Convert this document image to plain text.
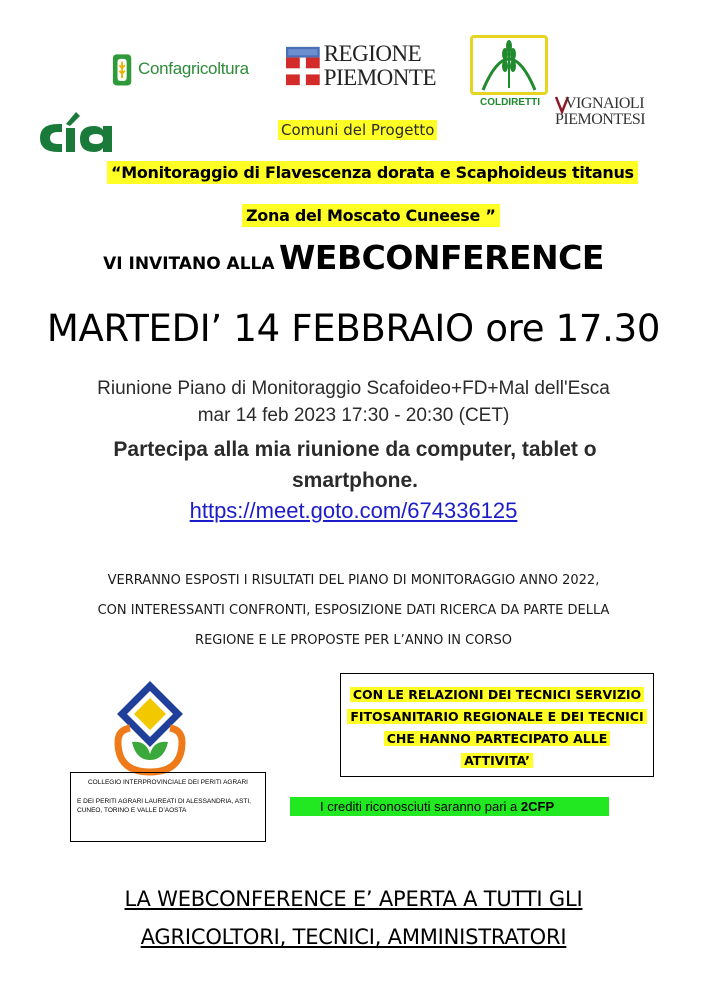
Confagricoltura
REGIONE
PIEMONTE
COLDIRETTI	VIGNAIOLI
PIEMONTESI
Comuni del Progetto
“Monitoraggio di Flavescenza dorata e Scaphoideus titanus
Zona del Moscato Cuneese ”
VI INVITANO ALLA WEBCONFERENCE
MARTEDI’ 14 FEBBRAIO ore 17.30
Riunione Piano di Monitoraggio Scafoideo+FD+Mal dell'Esca
mar 14 feb 2023 17:30 - 20:30 (CET)
Partecipa alla mia riunione da computer, tablet o smartphone.
https://meet.goto.com/674336125
VERRANNO ESPOSTI I RISULTATI DEL PIANO DI MONITORAGGIO ANNO 2022,
CON INTERESSANTI CONFRONTI, ESPOSIZIONE DATI RICERCA DA PARTE DELLA
REGIONE E LE PROPOSTE PER L’ANNO IN CORSO
COLLEGIO INTERPROVINCIALE DEI PERITI AGRARI
E DEI PERITI AGRARI LAUREATI DI ALESSANDRIA, ASTI, CUNEO, TORINO E VALLE D’AOSTA
CON LE RELAZIONI DEI TECNICI SERVIZIO
FITOSANITARIO REGIONALE E DEI TECNICI
CHE HANNO PARTECIPATO ALLE
ATTIVITA’
I crediti riconosciuti saranno pari a 2CFP
LA WEBCONFERENCE E’ APERTA A TUTTI GLI
AGRICOLTORI, TECNICI, AMMINISTRATORI
